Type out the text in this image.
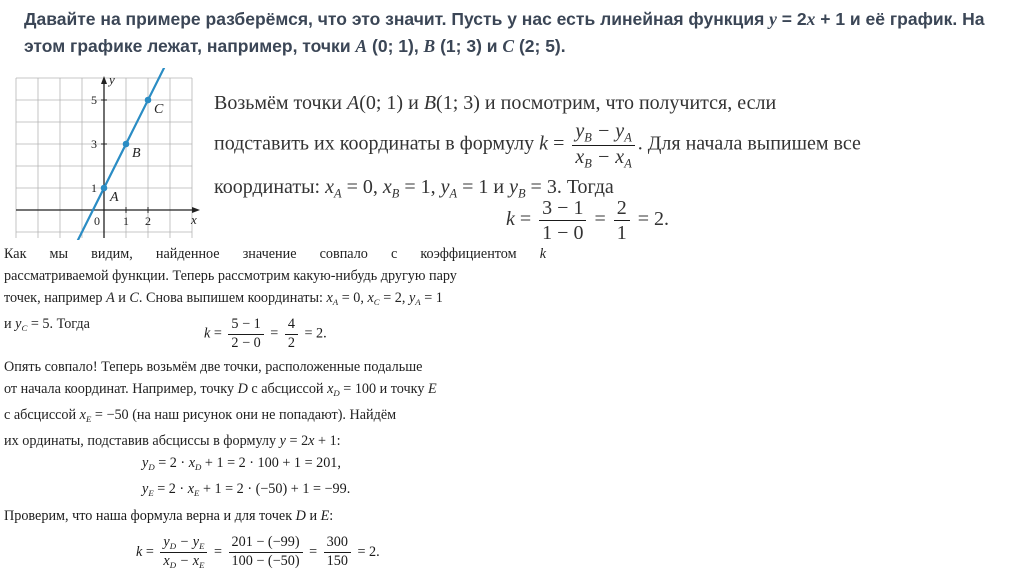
Давайте на примере разберёмся, что это значит. Пусть у нас есть линейная функция y = 2x + 1 и её график. На этом графике лежат, например, точки A (0; 1), B (1; 3) и C (2; 5).
x
y
0 1 2
1
3
5
A
B
C	Возьмём точки A(0; 1) и B(1; 3) и посмотрим, что получится, если
подставить их координаты в формулу $k = \frac{y_B - y_A}{x_B - x_A}$ . Для начала выпишем все
координаты: $x_A = 0$, $x_B = 1$, $y_A = 1$ и $y_B = 3$. Тогда
$k = \frac{3 - 1}{1 - 0} = \frac{2}{1} = 2$.
Как мы видим, найденное значение совпало с коэффициентом k
рассматриваемой функции. Теперь рассмотрим какую-нибудь другую пару
точек, например A и C. Снова выпишем координаты: $x_A = 0$, $x_C = 2$, $y_A = 1$
и $y_C = 5$. Тогда
$k = \frac{5 - 1}{2 - 0} = \frac{4}{2} = 2$.
Опять совпало! Теперь возьмём две точки, расположенные подальше
от начала координат. Например, точку D с абсциссой $x_D = 100$ и точку E
с абсциссой $x_E = -50$ (на наш рисунок они не попадают). Найдём
их ординаты, подставив абсциссы в формулу y = 2x + 1:
$y_D = 2 \cdot x_D + 1 = 2 \cdot 100 + 1 = 201$,
$y_E = 2 \cdot x_E + 1 = 2 \cdot (-50) + 1 = -99$.
Проверим, что наша формула верна и для точек D и E:
$k = \frac{y_D - y_E}{x_D - x_E} = \frac{201 - (-99)}{100 - (-50)} = \frac{300}{150} = 2$.
